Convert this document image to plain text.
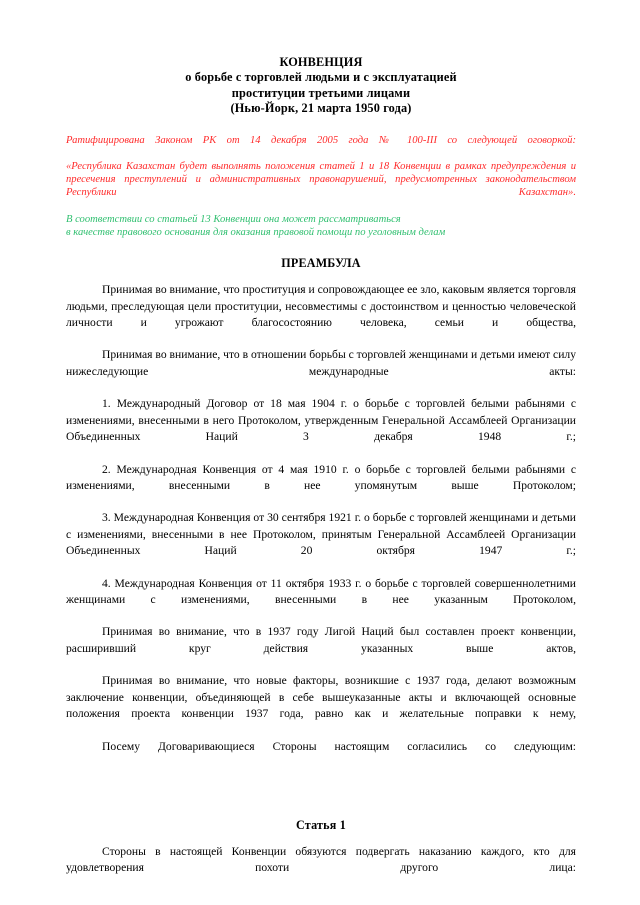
КОНВЕНЦИЯ
о борьбе с торговлей людьми и с эксплуатацией
проституции третьими лицами
(Нью-Йорк, 21 марта 1950 года)

Ратифицирована Законом РК от 14 декабря 2005 года № 100-III со следующей оговоркой:

«Республика Казахстан будет выполнять положения статей 1 и 18 Конвенции в рамках предупреждения и пресечения преступлений и административных правонарушений, предусмотренных законодательством Республики Казахстан».

В соответствии со статьей 13 Конвенции она может рассматриваться

в качестве правового основания для оказания правовой помощи по уголовным делам

ПРЕАМБУЛА

Принимая во внимание, что проституция и сопровождающее ее зло, каковым является торговля людьми, преследующая цели проституции, несовместимы с достоинством и ценностью человеческой личности и угрожают благосостоянию человека, семьи и общества,

Принимая во внимание, что в отношении борьбы с торговлей женщинами и детьми имеют силу нижеследующие международные акты:

1. Международный Договор от 18 мая 1904 г. о борьбе с торговлей белыми рабынями с изменениями, внесенными в него Протоколом, утвержденным Генеральной Ассамблеей Организации Объединенных Наций 3 декабря 1948 г.;

2. Международная Конвенция от 4 мая 1910 г. о борьбе с торговлей белыми рабынями с изменениями, внесенными в нее упомянутым выше Протоколом;

3. Международная Конвенция от 30 сентября 1921 г. о борьбе с торговлей женщинами и детьми с изменениями, внесенными в нее Протоколом, принятым Генеральной Ассамблеей Организации Объединенных Наций 20 октября 1947 г.;

4. Международная Конвенция от 11 октября 1933 г. о борьбе с торговлей совершеннолетними женщинами с изменениями, внесенными в нее указанным Протоколом,

Принимая во внимание, что в 1937 году Лигой Наций был составлен проект конвенции, расширивший круг действия указанных выше актов,

Принимая во внимание, что новые факторы, возникшие с 1937 года, делают возможным заключение конвенции, объединяющей в себе вышеуказанные акты и включающей основные положения проекта конвенции 1937 года, равно как и желательные поправки к нему,

Посему Договаривающиеся Стороны настоящим согласились со следующим:

Статья 1

Стороны в настоящей Конвенции обязуются подвергать наказанию каждого, кто для удовлетворения похоти другого лица:
